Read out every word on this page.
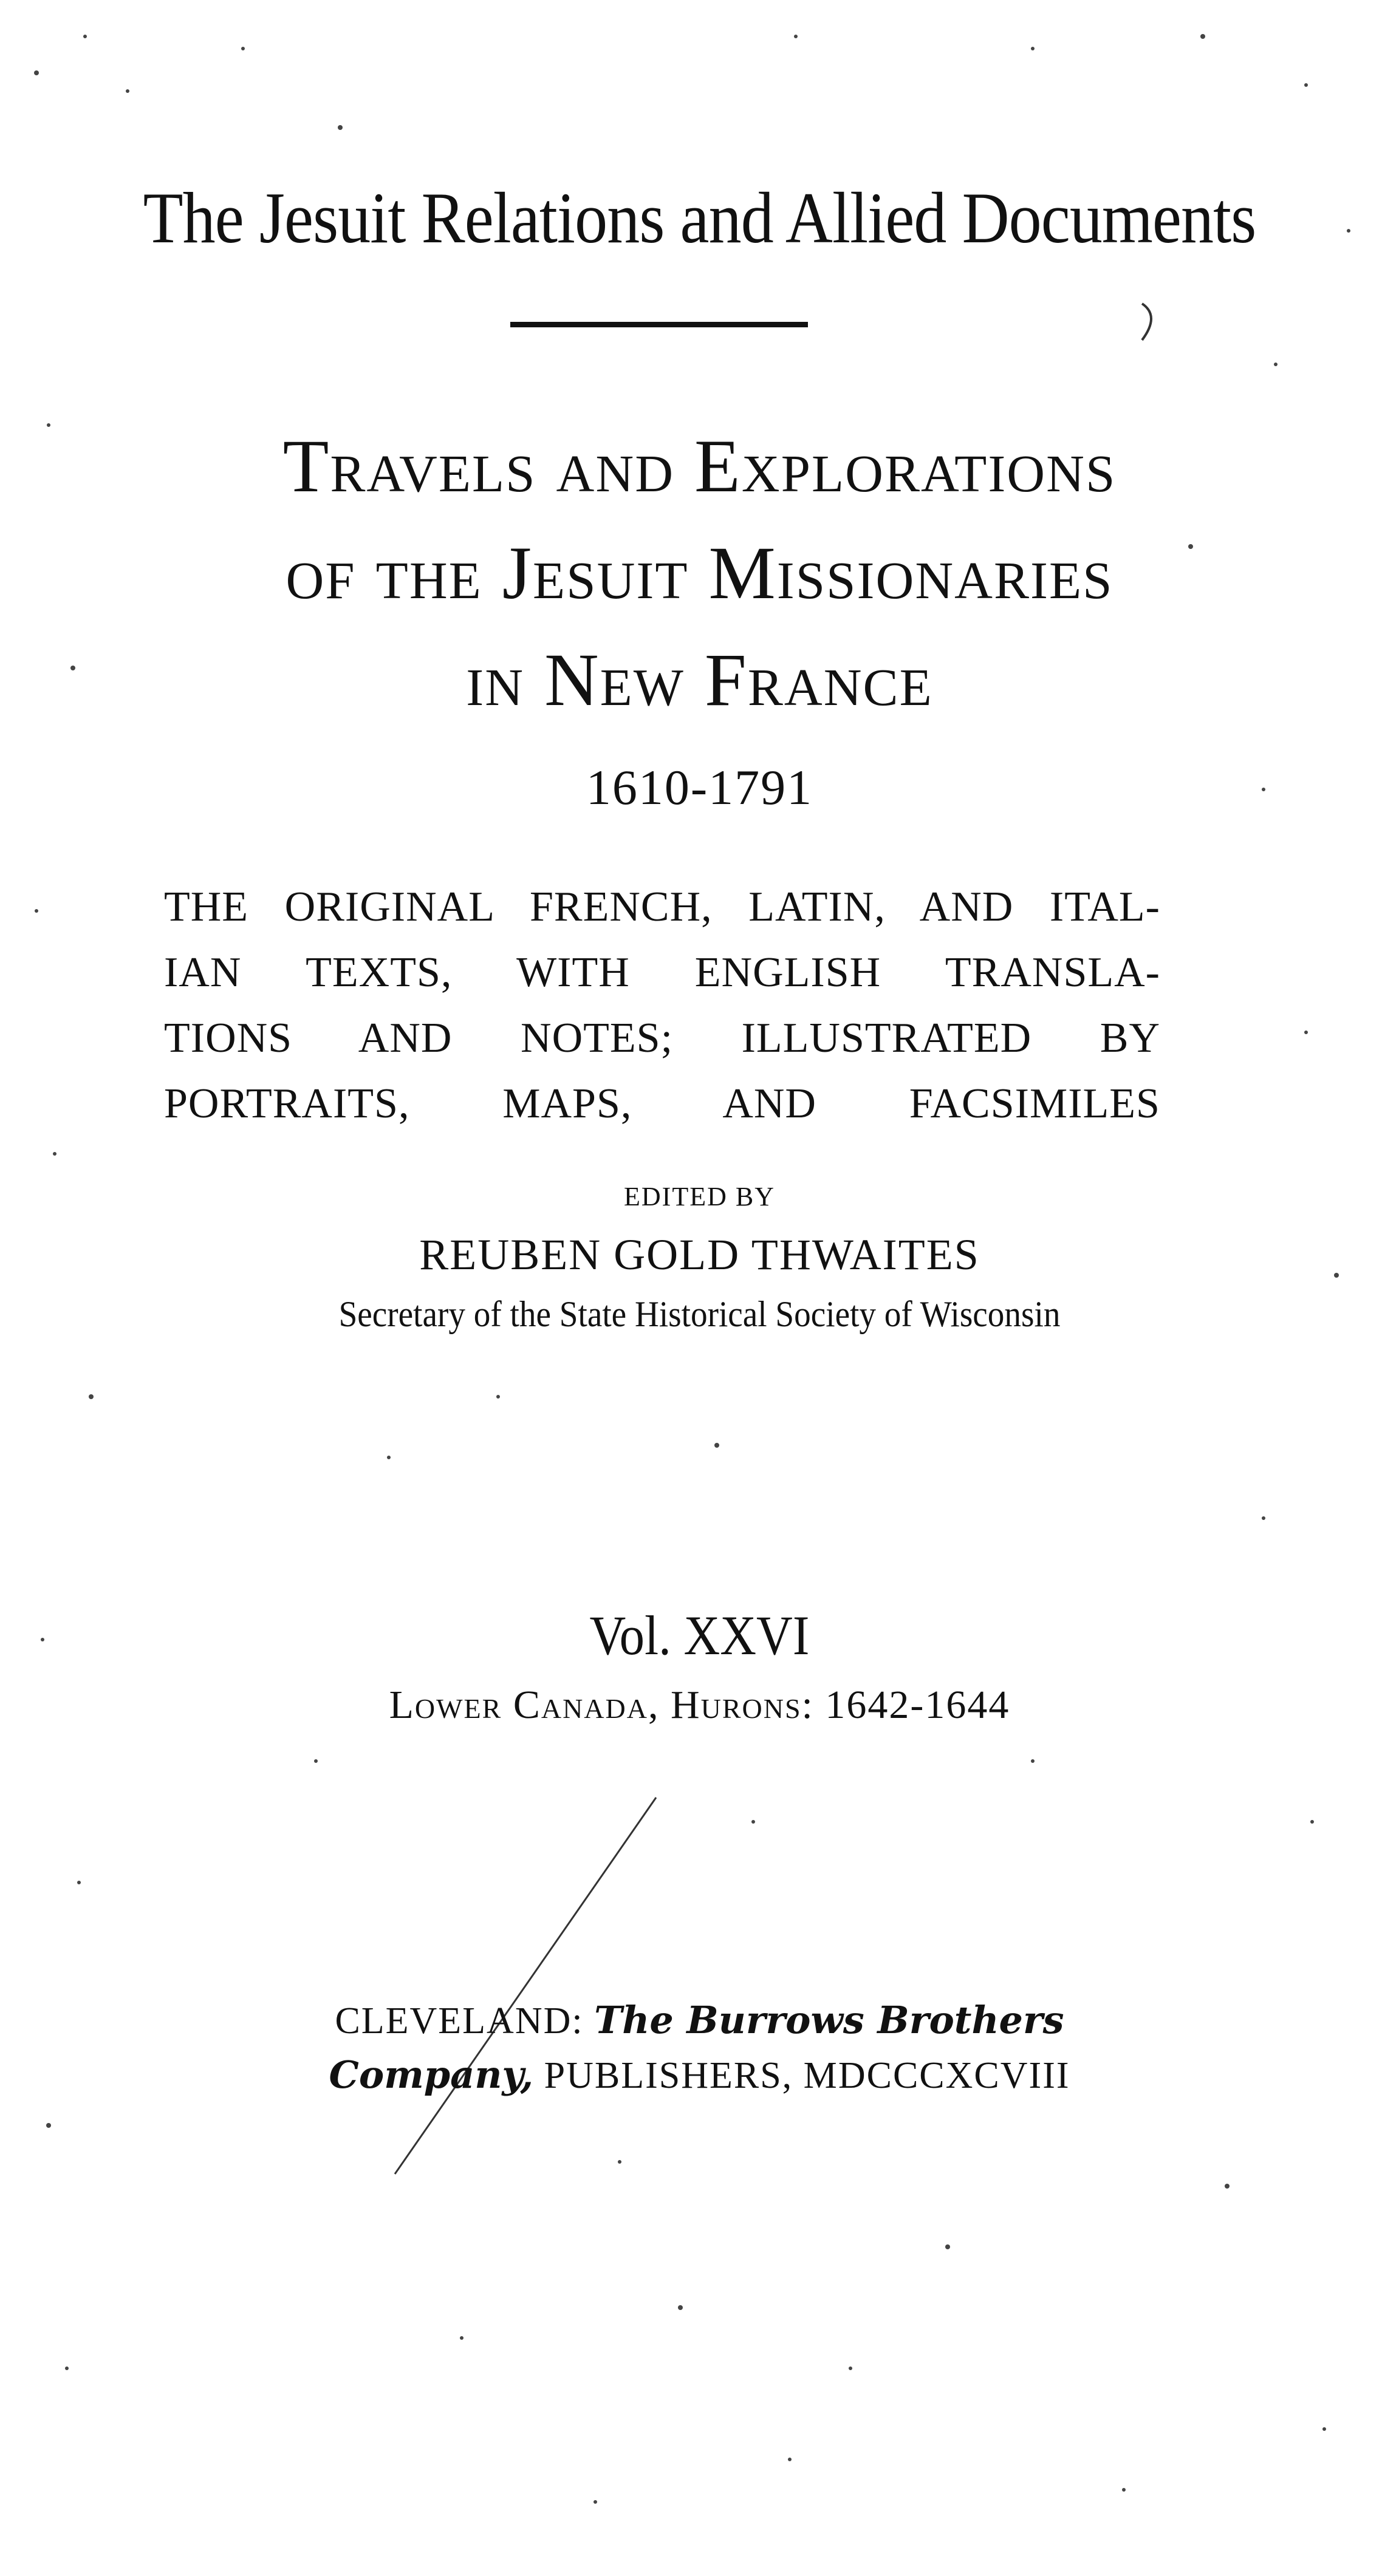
The Jesuit Relations and Allied Documents
Travels and Explorations
of the Jesuit Missionaries
in New France
1610-1791
THE ORIGINAL FRENCH, LATIN, AND ITAL-
IAN TEXTS, WITH ENGLISH TRANSLA-
TIONS AND NOTES; ILLUSTRATED BY
PORTRAITS, MAPS, AND FACSIMILES
EDITED BY
REUBEN GOLD THWAITES
Secretary of the State Historical Society of Wisconsin
Vol. XXVI
Lower Canada, Hurons: 1642-1644
CLEVELAND: The Burrows Brothers
Company, PUBLISHERS, MDCCCXCVIII
